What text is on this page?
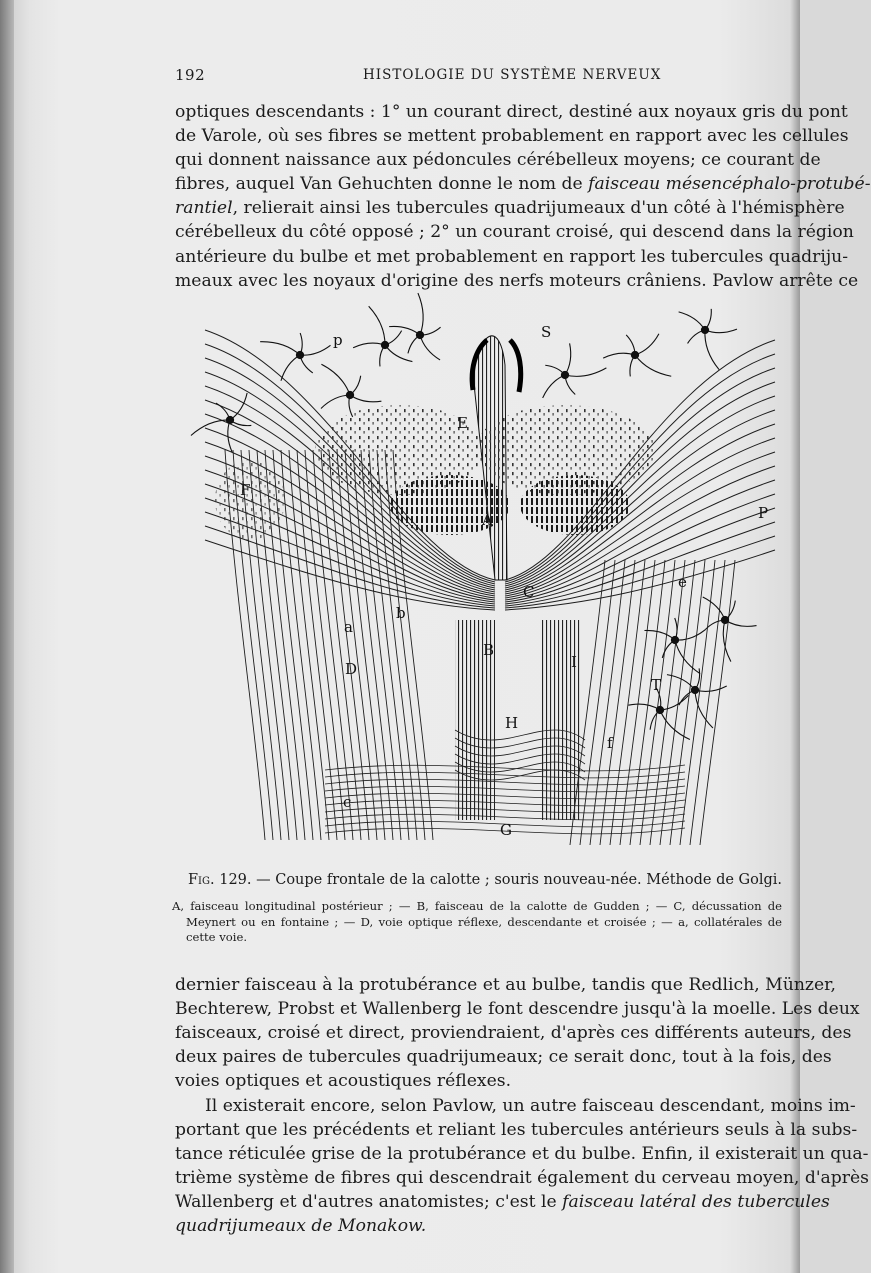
192	HISTOLOGIE DU SYSTÈME NERVEUX
optiques descendants : 1° un courant direct, destiné aux noyaux gris du pont
de Varole, où ses fibres se mettent probablement en rapport avec les cellules
qui donnent naissance aux pédoncules cérébelleux moyens; ce courant de
fibres, auquel Van Gehuchten donne le nom de faisceau mésencéphalo-protubé-
rantiel, relierait ainsi les tubercules quadrijumeaux d'un côté à l'hémisphère
cérébelleux du côté opposé ; 2° un courant croisé, qui descend dans la région
antérieure du bulbe et met probablement en rapport les tubercules quadriju-
meaux avec les noyaux d'origine des nerfs moteurs crâniens. Pavlow arrête ce
p	S
E
F
A	P
C
e
b
a
B
D	I
T
H
f
c
G
Fig. 129. — Coupe frontale de la calotte ; souris nouveau-née. Méthode de Golgi.
A, faisceau longitudinal postérieur ; — B, faisceau de la calotte de Gudden ; — C, décussation de
Meynert ou en fontaine ; — D, voie optique réflexe, descendante et croisée ; — a, collatérales de
cette voie.
dernier faisceau à la protubérance et au bulbe, tandis que Redlich, Münzer,
Bechterew, Probst et Wallenberg le font descendre jusqu'à la moelle. Les deux
faisceaux, croisé et direct, proviendraient, d'après ces différents auteurs, des
deux paires de tubercules quadrijumeaux; ce serait donc, tout à la fois, des
voies optiques et acoustiques réflexes.
Il existerait encore, selon Pavlow, un autre faisceau descendant, moins im-
portant que les précédents et reliant les tubercules antérieurs seuls à la subs-
tance réticulée grise de la protubérance et du bulbe. Enfin, il existerait un qua-
trième système de fibres qui descendrait également du cerveau moyen, d'après
Wallenberg et d'autres anatomistes; c'est le faisceau latéral des tubercules
quadrijumeaux de Monakow.
